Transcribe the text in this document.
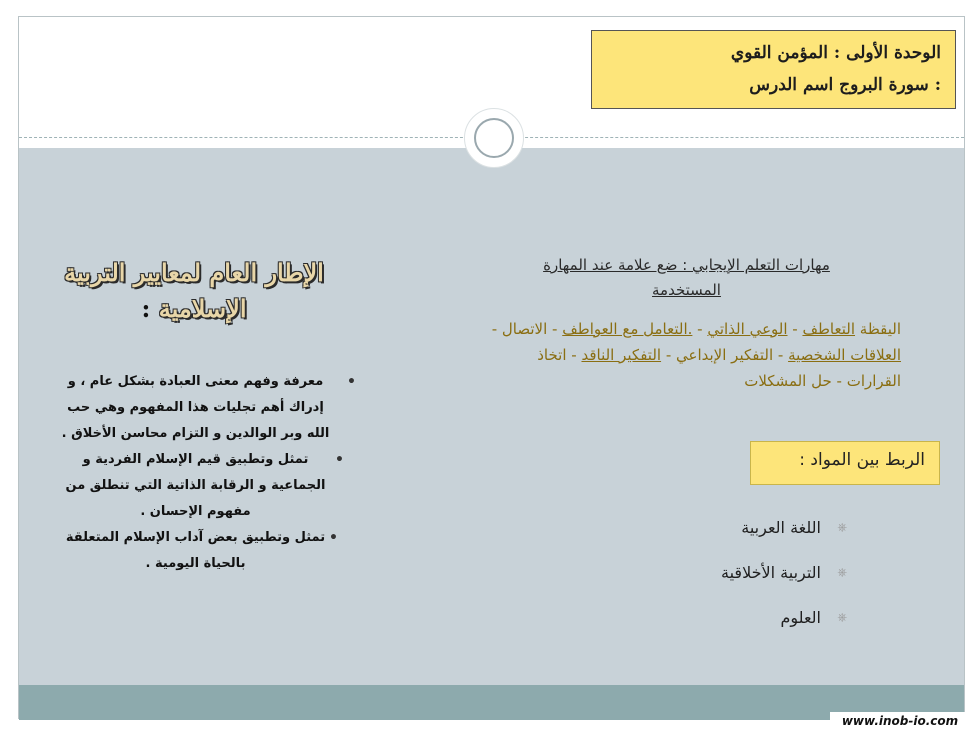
الوحدة الأولى : المؤمن القوي
: سورة البروج اسم الدرس
مهارات التعلم الإيجابي : ضع علامة عند المهارة
المستخدمة
اليقظة التعاطف - الوعي الذاتي - .التعامل مع العواطف - الاتصال - العلاقات الشخصية - التفكير الإبداعي - التفكير الناقد - اتخاذ القرارات - حل المشكلات
الربط بين المواد :
⎈
اللغة العربية
⎈
التربية الأخلاقية
⎈
العلوم
الإطار العام لمعايير التربية الإسلامية :
•
معرفة وفهم معنى العبادة بشكل عام ، و إدراك أهم تجليات هذا المفهوم وهي حب الله وبر الوالدين و التزام محاسن الأخلاق .
•
تمثل وتطبيق قيم الإسلام الفردية و الجماعية و الرقابة الذاتية التي تنطلق من مفهوم الإحسان .
•
تمثل وتطبيق بعض آداب الإسلام المتعلقة بالحياة اليومية .
www.inob-io.com
